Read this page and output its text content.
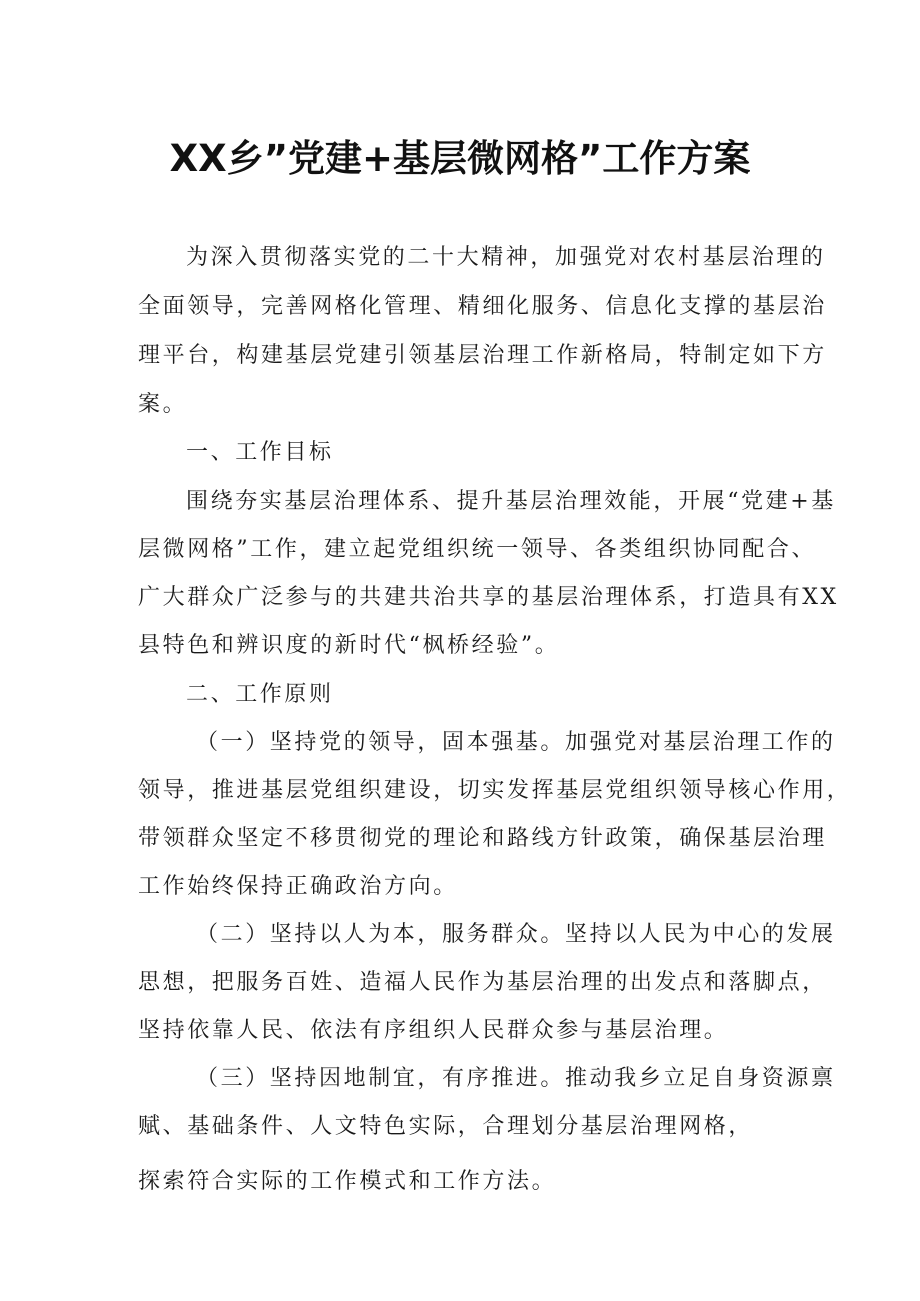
XX乡”党建+基层微网格”工作方案
为深入贯彻落实党的二十大精神，加强党对农村基层治理的
全面领导，完善网格化管理、精细化服务、信息化支撑的基层治
理平台，构建基层党建引领基层治理工作新格局，特制定如下方
案。
一、工作目标
围绕夯实基层治理体系、提升基层治理效能，开展“党建+基
层微网格”工作，建立起党组织统一领导、各类组织协同配合、
广大群众广泛参与的共建共治共享的基层治理体系，打造具有XX
县特色和辨识度的新时代“枫桥经验”。
二、工作原则
（一）坚持党的领导，固本强基。加强党对基层治理工作的
领导，推进基层党组织建设，切实发挥基层党组织领导核心作用，
带领群众坚定不移贯彻党的理论和路线方针政策，确保基层治理
工作始终保持正确政治方向。
（二）坚持以人为本，服务群众。坚持以人民为中心的发展
思想，把服务百姓、造福人民作为基层治理的出发点和落脚点，
坚持依靠人民、依法有序组织人民群众参与基层治理。
（三）坚持因地制宜，有序推进。推动我乡立足自身资源禀
赋、基础条件、人文特色实际，合理划分基层治理网格，
探索符合实际的工作模式和工作方法。
